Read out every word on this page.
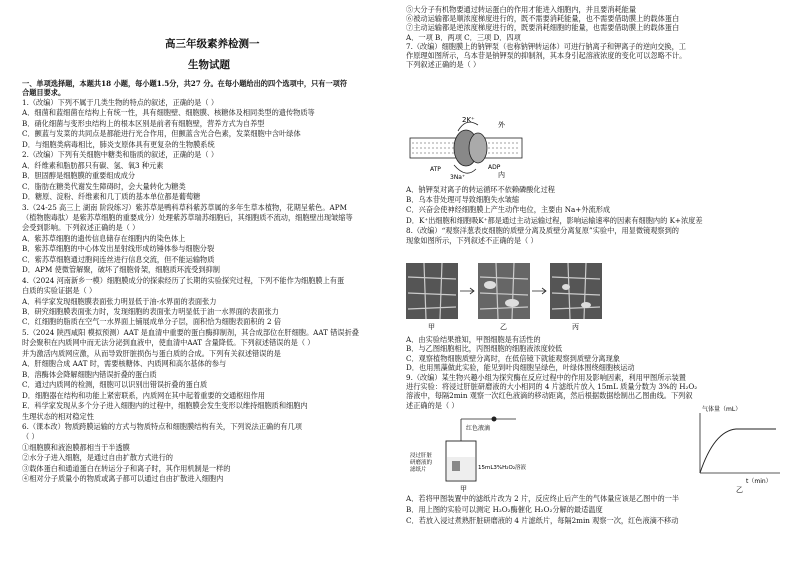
高三年级素养检测一
生物试题
一、单项选择题，本题共18 小题，每小题1.5分，共27 分。在每小题给出的四个选项中，只有一项符
合题目要求。
1.（改编）下列不属于几类生物的特点的叙述，正确的是（ ）
A．细菌和蓝细菌在结构上有统一性，具有细胞壁、细胞膜、核糖体及相同类型的遗传物质等
B．硝化细菌与变形虫结构上的根本区别是前者有细胞壁，营养方式为自养型
C．颤蓝与发菜的共同点是都能进行光合作用，但颤蓝含光合色素，发菜细胞中含叶绿体
D．与细胞类病毒相比，肺炎支原体具有更复杂的生物膜系统
2.（改编）下列有关细胞中糖类和脂质的叙述，正确的是（ ）
A．纤维素和脂肪都只有碳、氢、氧3 种元素
B．胆固醇是细胞膜的重要组成成分
C．脂肪在糖类代谢发生障碍时，会大量转化为糖类
D．糖原、淀粉、纤维素和几丁质的基本单位都是葡萄糖
3.（24-25 高三上 湖南 阶段练习）紫苏草是鸭科草科紫苏草属的多年生草本植物，花期呈紫色。APM
（植物胞毒肽）是紫苏草细胞的重要成分）处理紫苏草瑞苏细胞后，其细胞质不流动，细胞壁出现皱缩等
会受到影响。下列叙述正确的是（ ）
A．紫苏草细胞的遗传信息储存在细胞内的染色体上
B．紫苏草细胞的中心体发出星射线形成纺锤体参与细胞分裂
C．紫苏草细胞通过胞间连丝进行信息交流，但不能运输物质
D．APM 使微管解聚，破坏了细胞骨架，细胞质环流受到抑制
4.（2024 河南新乡一模）细胞膜成分的探索经历了长期的实验探究过程，下列不能作为细胞膜上有蛋
白质的实验证据是（ ）
A．科学家发现细胞膜表面张力明显低于油-水界面的表面张力
B．研究细胞膜表面张力时，发现细胞的表面张力明显低于油一水界面的表面张力
C．红细胞的脂质在空气一水界面上铺展成单分子层，面积恰为细胞表面积的 2 倍
5.（2024 陕西咸阳 模拟预测）AAT 是血清中重要的蛋白酶抑制剂，其合成部位在肝细胞。AAT 错误折叠
时会聚积在内质网中而无法分泌到血液中，使血清中AAT 含量降低。下列叙述错误的是（ ）
并为激活内质网应激，从而导致肝脏损伤与蛋白质的合成。下列有关叙述错误的是
A．肝细胞合成 AAT 时，需要核糖体、内质网和高尔基体的参与
B．溶酶体会降解细胞内错误折叠的蛋白质
C．通过内质网的检测，细胞可以识别出错误折叠的蛋白质
D．细胞器在结构和功能上紧密联系，内质网在其中起着重要的交通枢纽作用
E．科学家发现从多个分子进入细胞内的过程中，细胞膜会发生变形以维持细胞质和细胞内
生理状态的相对稳定性
6.（课本改）物质跨膜运输的方式与物质特点和细胞膜结构有关，下列说法正确的有几项
（ ）
①细胞膜和液泡膜都相当于半透膜
②水分子进入细胞，是通过自由扩散方式进行的
③载体蛋白和通道蛋白在转运分子和离子时，其作用机制是一样的
④相对分子质量小的物质或离子都可以通过自由扩散进入细胞内
⑤大分子有机物要通过转运蛋白的作用才能进入细胞内，并且要消耗能量
⑥被动运输都是顺浓度梯度进行的，既不需要消耗能量，也不需要借助膜上的载体蛋白
⑦主动运输都是逆浓度梯度进行的，既要消耗细胞的能量，也需要借助膜上的载体蛋白
A．一项 B．两项 C．三项 D．四项
7.（改编）细胞膜上的钠钾泵（也称钠钾转运体）可进行钠离子和钾离子的逆向交换，工
作原理如图所示，乌本苷是钠钾泵的抑制剂，其本身引起溶液浓度的变化可以忽略不计。
下列叙述正确的是（ ）
2K⁺
外
内
ATP
3Na⁺
ADP
A．钠钾泵对离子的转运循环不依赖磷酸化过程
B．乌本苷处理可导致细胞失水皱缩
C．兴奋会使神经细胞膜上产生动作电位，主要由 Na+外流形成
D．K⁺出细胞和细胞吸K⁺都是通过主动运输过程，影响运输速率的因素有细胞内的 K+浓度差
8.（改编）“观察洋葱表皮细胞的质壁分离及质壁分离复原”实验中，用显微镜观察到的
现象如图所示，下列叙述不正确的是（ ）
甲	乙	丙
A．由实验结果推知，甲图细胞是有活性的
B．与乙图细胞相比，丙图细胞的细胞液浓度较低
C．观察植物细胞质壁分离时，在低倍镜下就能观察到质壁分离现象
D．也用黑藻做此实验，能见到叶肉细胞呈绿色，叶绿体围绕细胞核运动
9.（改编）某生物兴趣小组为探究酶在反应过程中的作用及影响因素，利用甲图所示装置
进行实验：将浸过肝脏研磨液的大小相同的 4 片滤纸片放入 15mL 质量分数为 3%的 H₂O₂
溶液中，每隔2min 观察一次红色液滴的移动距离，然后根据数据绘制出乙图曲线。下列叙
述正确的是（ ）
红色液滴
浸过肝脏
研磨液的
滤纸片	15mL3%H₂O₂溶液
甲
气体量（mL）
t（min）
乙
A．若将甲图装置中的滤纸片改为 2 片，反应终止后产生的气体量应该是乙图中的一半
B．用上图的实验可以测定 H₂O₂酶催化 H₂O₂分解的最适温度
C．若放入浸过煮熟肝脏研磨液的 4 片滤纸片，每隔2min 观察一次，红色液滴不移动
